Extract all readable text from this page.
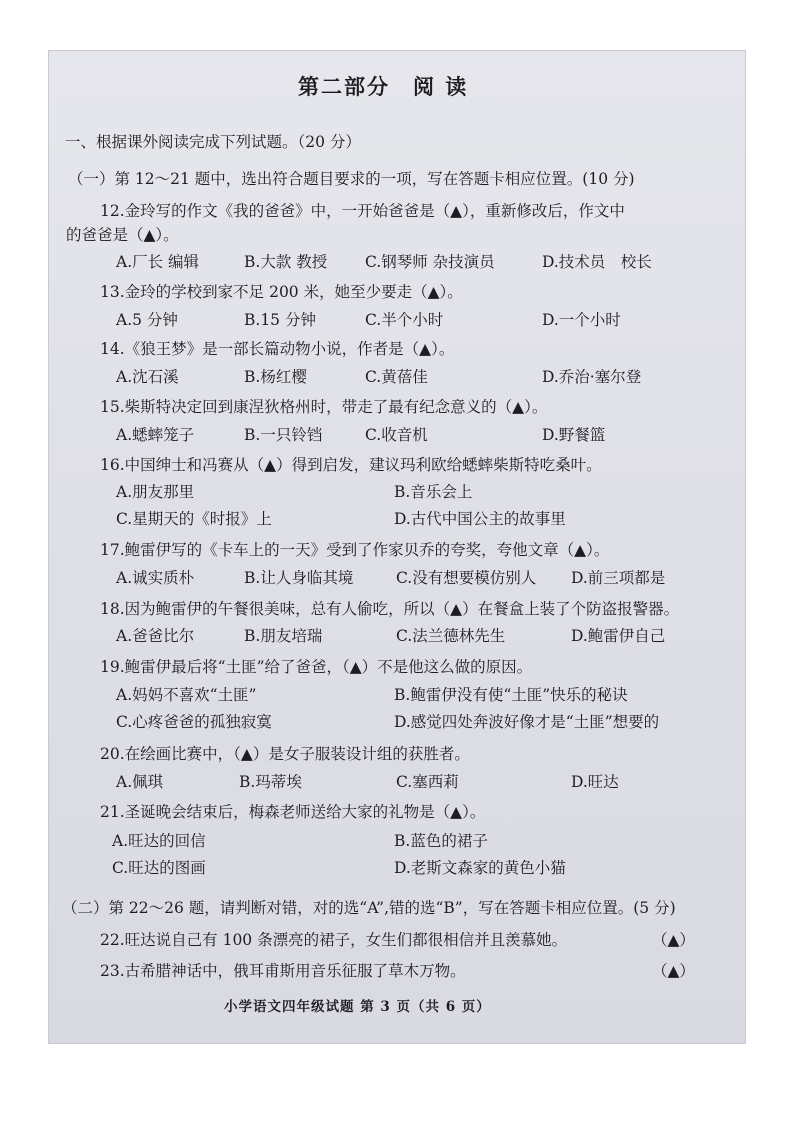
第二部分　阅 读
一、根据课外阅读完成下列试题。（20 分）
（一）第 12～21 题中，选出符合题目要求的一项，写在答题卡相应位置。(10 分)
12.金玲写的作文《我的爸爸》中，一开始爸爸是（▲），重新修改后，作文中
的爸爸是（▲）。
A.厂长 编辑	B.大款 教授 C.钢琴师 杂技演员	D.技术员　校长
13.金玲的学校到家不足 200 米，她至少要走（▲）。
A.5 分钟	B.15 分钟	C.半个小时	D.一个小时
14.《狼王梦》是一部长篇动物小说，作者是（▲）。
A.沈石溪	B.杨红樱	C.黄蓓佳	D.乔治·塞尔登
15.柴斯特决定回到康涅狄格州时，带走了最有纪念意义的（▲）。
A.蟋蟀笼子	B.一只铃铛	C.收音机	D.野餐篮
16.中国绅士和冯赛从（▲）得到启发，建议玛利欧给蟋蟀柴斯特吃桑叶。
A.朋友那里	B.音乐会上
C.星期天的《时报》上	D.古代中国公主的故事里
17.鲍雷伊写的《卡车上的一天》受到了作家贝乔的夸奖，夸他文章（▲）。
A.诚实质朴	B.让人身临其境	C.没有想要模仿别人 D.前三项都是
18.因为鲍雷伊的午餐很美味，总有人偷吃，所以（▲）在餐盒上装了个防盗报警器。
A.爸爸比尔	B.朋友培瑞	C.法兰德林先生	D.鲍雷伊自己
19.鲍雷伊最后将“土匪”给了爸爸，（▲）不是他这么做的原因。
A.妈妈不喜欢“土匪”	B.鲍雷伊没有使“土匪”快乐的秘诀
C.心疼爸爸的孤独寂寞	D.感觉四处奔波好像才是“土匪”想要的
20.在绘画比赛中，（▲）是女子服装设计组的获胜者。
A.佩琪	B.玛蒂埃	C.塞西莉	D.旺达
21.圣诞晚会结束后，梅森老师送给大家的礼物是（▲）。
A.旺达的回信	B.蓝色的裙子
C.旺达的图画	D.老斯文森家的黄色小猫
（二）第 22～26 题，请判断对错，对的选“A”,错的选“B”，写在答题卡相应位置。(5 分)
22.旺达说自己有 100 条漂亮的裙子，女生们都很相信并且羡慕她。	（▲）
23.古希腊神话中，俄耳甫斯用音乐征服了草木万物。	（▲）
小学语文四年级试题 第 3 页（共 6 页）
